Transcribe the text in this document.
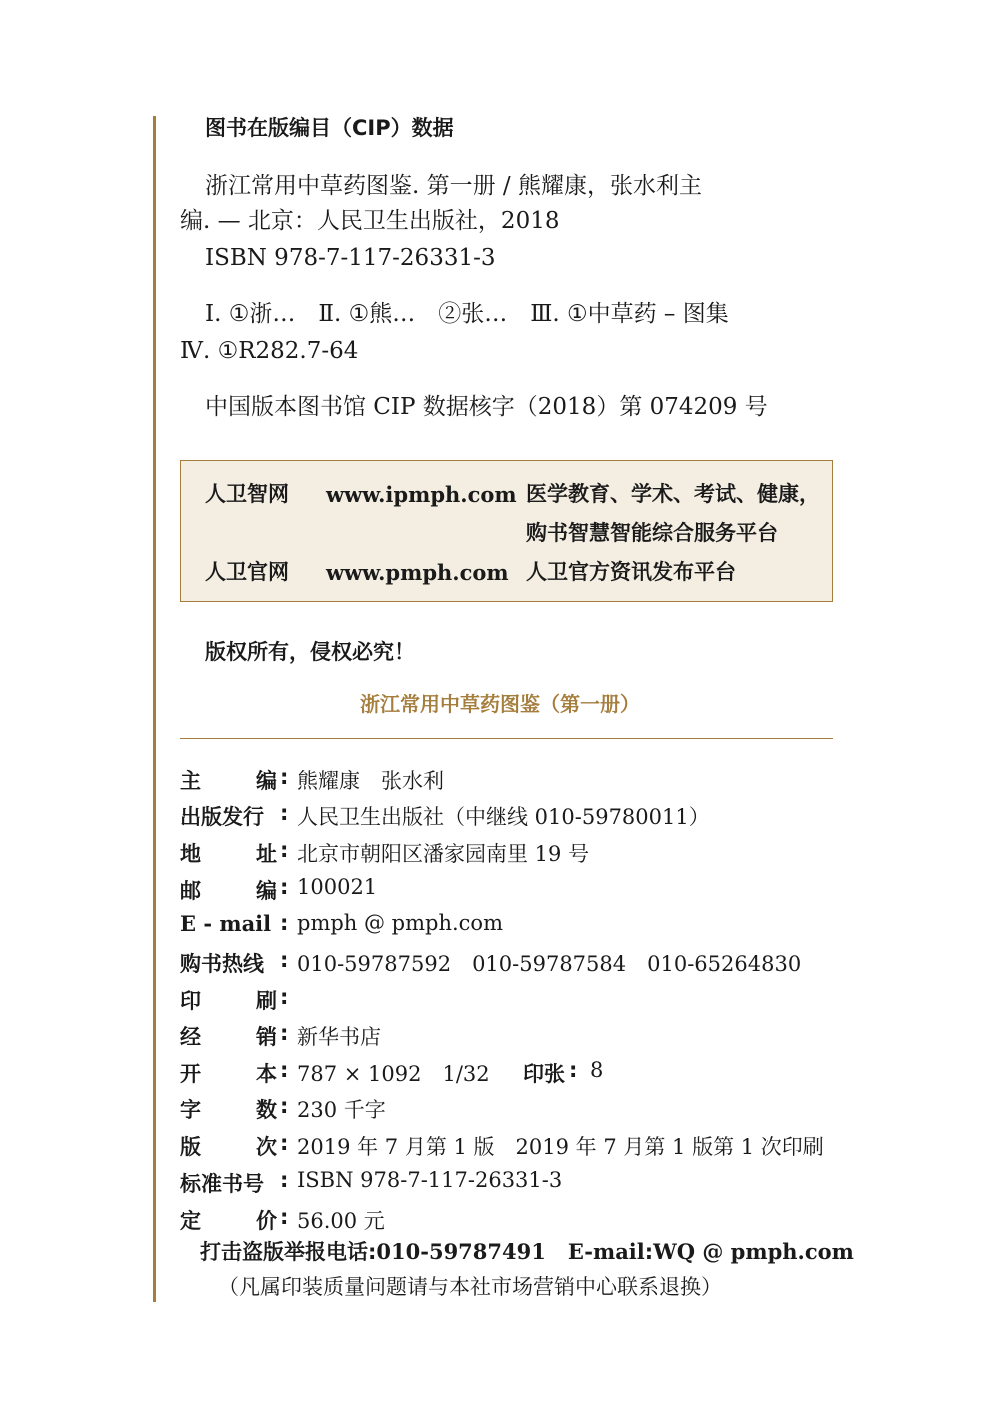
图书在版编目（CIP）数据
浙江常用中草药图鉴. 第一册 / 熊耀康，张水利主
编. — 北京：人民卫生出版社，2018
ISBN 978-7-117-26331-3
Ⅰ. ①浙…　Ⅱ. ①熊…　②张…　Ⅲ. ①中草药 – 图集
Ⅳ. ①R282.7-64
中国版本图书馆 CIP 数据核字（2018）第 074209 号
人卫智网 www.ipmph.com 医学教育、学术、考试、健康，
购书智慧智能综合服务平台
人卫官网 www.pmph.com 人卫官方资讯发布平台
版权所有，侵权必究！
浙江常用中草药图鉴（第一册）
主	编 : 熊耀康　张水利
出版发行 : 人民卫生出版社（中继线 010-59780011）
地	址 : 北京市朝阳区潘家园南里 19 号
邮	编 : 100021
E - mail : pmph @ pmph.com
购书热线 : 010-59787592　010-59787584　010-65264830
印	刷 :
经	销 : 新华书店
开	本 : 787 × 1092　1/32 印张 : 8
字	数 : 230 千字
版	次 : 2019 年 7 月第 1 版　2019 年 7 月第 1 版第 1 次印刷
标准书号 : ISBN 978-7-117-26331-3
定	价 : 56.00 元
打击盗版举报电话:010-59787491 E-mail:WQ @ pmph.com
（凡属印装质量问题请与本社市场营销中心联系退换）
